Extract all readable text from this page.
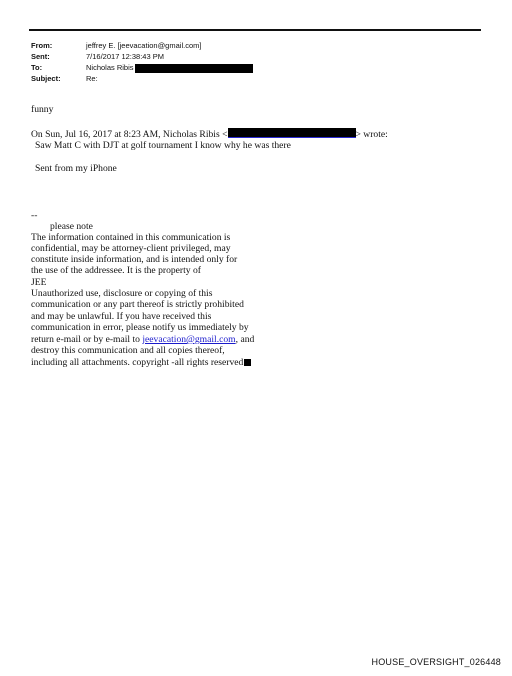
From:	jeffrey E. [jeevacation@gmail.com]
Sent:	7/16/2017 12:38:43 PM
To:	Nicholas Ribis
Subject:	Re:
funny
On Sun, Jul 16, 2017 at 8:23 AM, Nicholas Ribis <	> wrote:
Saw Matt C with DJT at golf tournament I know why he was there
Sent from my iPhone
--
please note
The information contained in this communication is
confidential, may be attorney-client privileged, may
constitute inside information, and is intended only for
the use of the addressee. It is the property of
JEE
Unauthorized use, disclosure or copying of this
communication or any part thereof is strictly prohibited
and may be unlawful. If you have received this
communication in error, please notify us immediately by
return e-mail or by e-mail to jeevacation@gmail.com, and
destroy this communication and all copies thereof,
including all attachments. copyright -all rights reserved
HOUSE_OVERSIGHT_026448
